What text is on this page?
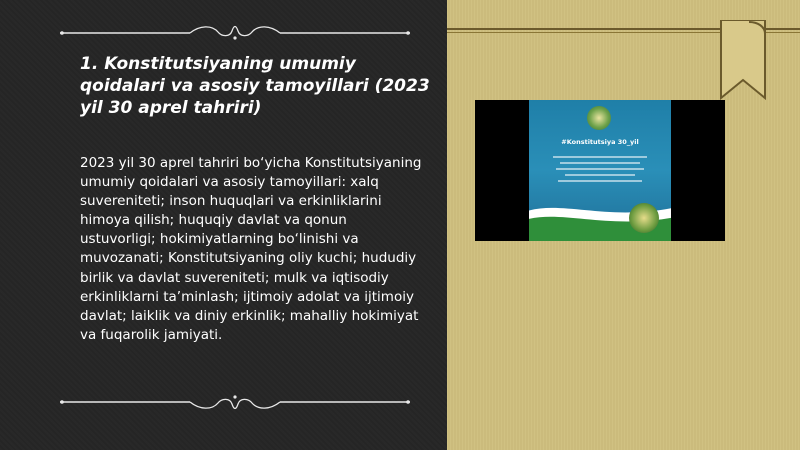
1. Konstitutsiyaning umumiy qoidalari va asosiy tamoyillari (2023 yil 30 aprel tahriri)

2023 yil 30 aprel tahriri bo‘yicha Konstitutsiyaning umumiy qoidalari va asosiy tamoyillari: xalq suvereniteti; inson huquqlari va erkinliklarini himoya qilish; huquqiy davlat va qonun ustuvorligi; hokimiyatlarning bo‘linishi va muvozanati; Konstitutsiyaning oliy kuchi; hududiy birlik va davlat suvereniteti; mulk va iqtisodiy erkinliklarni ta’minlash; ijtimoiy adolat va ijtimoiy davlat; laiklik va diniy erkinlik; mahalliy hokimiyat va fuqarolik jamiyati.

#Konstitutsiya 30_yil
